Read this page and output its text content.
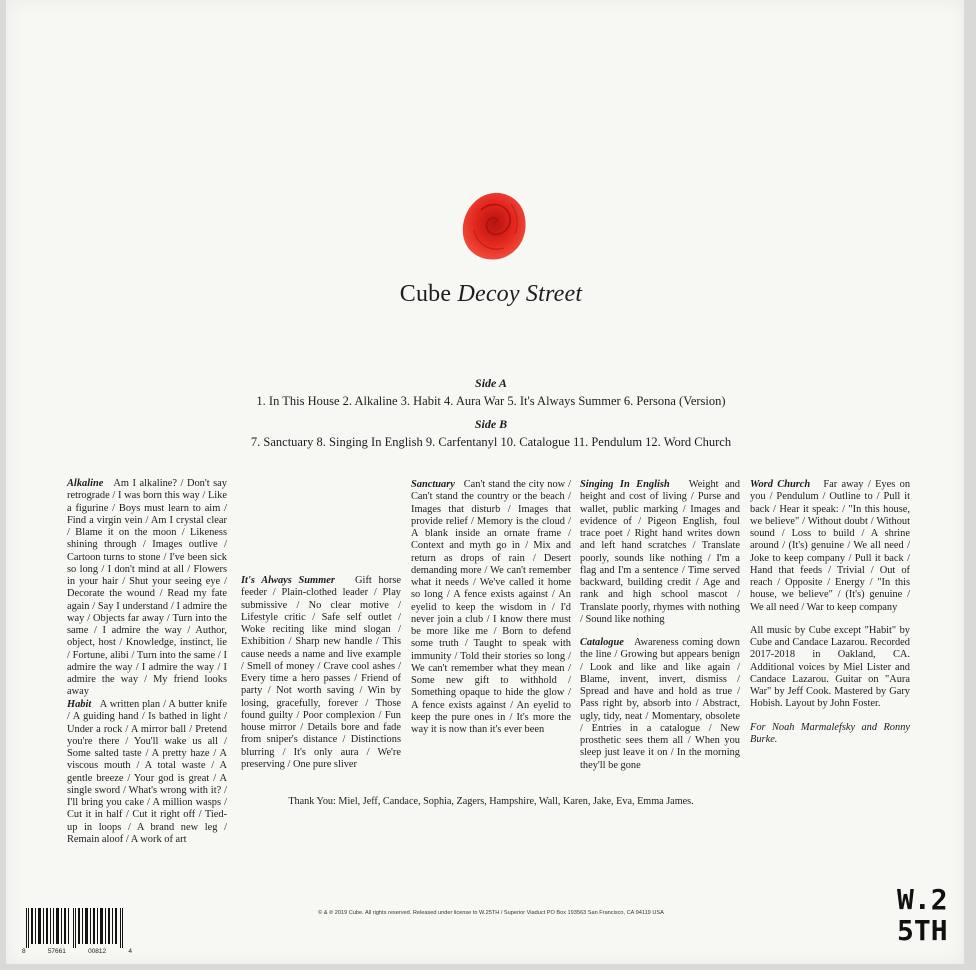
Cube Decoy Street
Side A
1. In This House 2. Alkaline 3. Habit 4. Aura War 5. It's Always Summer 6. Persona (Version)
Side B
7. Sanctuary 8. Singing In English 9. Carfentanyl 10. Catalogue 11. Pendulum 12. Word Church

Alkaline Am I alkaline? / Don't say retrograde / I was born this way / Like a figurine / Boys must learn to aim / Find a virgin vein / Am I crystal clear / Blame it on the moon / Likeness shining through / Images outlive / Cartoon turns to stone / I've been sick so long / I don't mind at all / Flowers in your hair / Shut your seeing eye / Decorate the wound / Read my fate again / Say I understand / I admire the way / Objects far away / Turn into the same / I admire the way / Author, object, host / Knowledge, instinct, lie / Fortune, alibi / Turn into the same / I admire the way / I admire the way / I admire the way / My friend looks away

Habit A written plan / A butter knife / A guiding hand / Is bathed in light / Under a rock / A mirror ball / Pretend you're there / You'll wake us all / Some salted taste / A pretty haze / A viscous mouth / A total waste / A gentle breeze / Your god is great / A single sword / What's wrong with it? / I'll bring you cake / A million wasps / Cut it in half / Cut it right off / Tied-up in loops / A brand new leg / Remain aloof / A work of art

It's Always Summer Gift horse feeder / Plain-clothed leader / Play submissive / No clear motive / Lifestyle critic / Safe self outlet / Woke reciting like mind slogan / Exhibition / Sharp new handle / This cause needs a name and live example / Smell of money / Crave cool ashes / Every time a hero passes / Friend of party / Not worth saving / Win by losing, gracefully, forever / Those found guilty / Poor complexion / Fun house mirror / Details bore and fade from sniper's distance / Distinctions blurring / It's only aura / We're preserving / One pure sliver

Sanctuary Can't stand the city now / Can't stand the country or the beach / Images that disturb / Images that provide relief / Memory is the cloud / A blank inside an ornate frame / Context and myth go in / Mix and return as drops of rain / Desert demanding more / We can't remember what it needs / We've called it home so long / A fence exists against / An eyelid to keep the wisdom in / I'd never join a club / I know there must be more like me / Born to defend some truth / Taught to speak with immunity / Told their stories so long / We can't remember what they mean / Some new gift to withhold / Something opaque to hide the glow / A fence exists against / An eyelid to keep the pure ones in / It's more the way it is now than it's ever been

Singing In English Weight and height and cost of living / Purse and wallet, public marking / Images and evidence of / Pigeon English, foul trace poet / Right hand writes down and left hand scratches / Translate poorly, sounds like nothing / I'm a flag and I'm a sentence / Time served backward, building credit / Age and rank and high school mascot / Translate poorly, rhymes with nothing / Sound like nothing

Catalogue Awareness coming down the line / Growing but appears benign / Look and like and like again / Blame, invent, invert, dismiss / Spread and have and hold as true / Pass right by, absorb into / Abstract, ugly, tidy, neat / Momentary, obsolete / Entries in a catalogue / New prosthetic sees them all / When you sleep just leave it on / In the morning they'll be gone

Word Church Far away / Eyes on you / Pendulum / Outline to / Pull it back / Hear it speak: / "In this house, we believe" / Without doubt / Without sound / Loss to build / A shrine around / (It's) genuine / We all need / Joke to keep company / Pull it back / Hand that feeds / Trivial / Out of reach / Opposite / Energy / "In this house, we believe" / (It's) genuine / We all need / War to keep company

All music by Cube except "Habit" by Cube and Candace Lazarou. Recorded 2017-2018 in Oakland, CA. Additional voices by Miel Lister and Candace Lazarou. Guitar on "Aura War" by Jeff Cook. Mastered by Gary Hobish. Layout by John Foster.

For Noah Marmalefsky and Ronny Burke.

Thank You: Miel, Jeff, Candace, Sophia, Zagers, Hampshire, Wall, Karen, Jake, Eva, Emma James.
© & ℗ 2019 Cube. All rights reserved. Released under license to W.25TH / Superior Viaduct PO Box 193563 San Francisco, CA 94119 USA
8	57661	00812	4
W.2
5TH
